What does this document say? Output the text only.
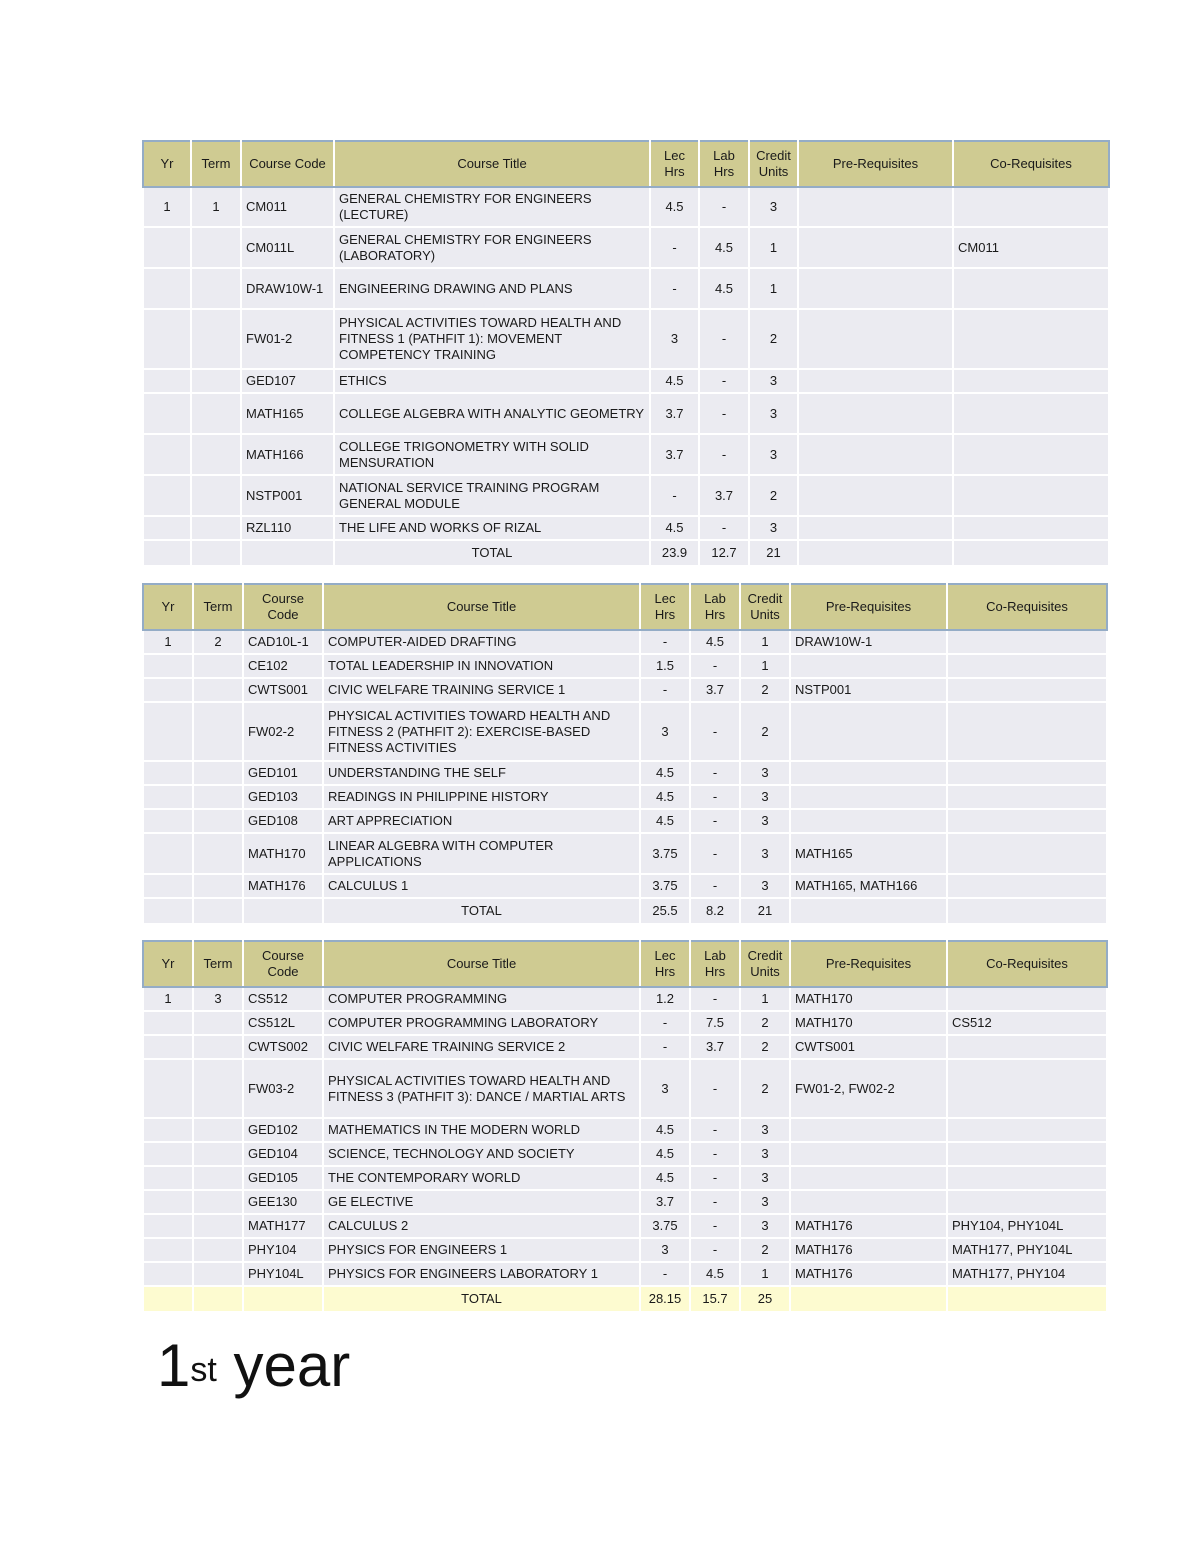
Yr	Term	Course Code	Course Title	Lec Hrs	Lab Hrs	Credit Units	Pre-Requisites	Co-Requisites
1	1	CM011	GENERAL CHEMISTRY FOR ENGINEERS (LECTURE)	4.5	-	3		
		CM011L	GENERAL CHEMISTRY FOR ENGINEERS (LABORATORY)	-	4.5	1		CM011
		DRAW10W-1	ENGINEERING DRAWING AND PLANS	-	4.5	1		
		FW01-2	PHYSICAL ACTIVITIES TOWARD HEALTH AND FITNESS 1 (PATHFIT 1): MOVEMENT COMPETENCY TRAINING	3	-	2		
		GED107	ETHICS	4.5	-	3		
		MATH165	COLLEGE ALGEBRA WITH ANALYTIC GEOMETRY	3.7	-	3		
		MATH166	COLLEGE TRIGONOMETRY WITH SOLID MENSURATION	3.7	-	3		
		NSTP001	NATIONAL SERVICE TRAINING PROGRAM GENERAL MODULE	-	3.7	2		
		RZL110	THE LIFE AND WORKS OF RIZAL	4.5	-	3		
			TOTAL	23.9	12.7	21		
Yr	Term	Course Code	Course Title	Lec Hrs	Lab Hrs	Credit Units	Pre-Requisites	Co-Requisites
1	2	CAD10L-1	COMPUTER-AIDED DRAFTING	-	4.5	1	DRAW10W-1	
		CE102	TOTAL LEADERSHIP IN INNOVATION	1.5	-	1		
		CWTS001	CIVIC WELFARE TRAINING SERVICE 1	-	3.7	2	NSTP001	
		FW02-2	PHYSICAL ACTIVITIES TOWARD HEALTH AND FITNESS 2 (PATHFIT 2): EXERCISE-BASED FITNESS ACTIVITIES	3	-	2		
		GED101	UNDERSTANDING THE SELF	4.5	-	3		
		GED103	READINGS IN PHILIPPINE HISTORY	4.5	-	3		
		GED108	ART APPRECIATION	4.5	-	3		
		MATH170	LINEAR ALGEBRA WITH COMPUTER APPLICATIONS	3.75	-	3	MATH165	
		MATH176	CALCULUS 1	3.75	-	3	MATH165, MATH166	
			TOTAL	25.5	8.2	21		
Yr	Term	Course Code	Course Title	Lec Hrs	Lab Hrs	Credit Units	Pre-Requisites	Co-Requisites
1	3	CS512	COMPUTER PROGRAMMING	1.2	-	1	MATH170	
		CS512L	COMPUTER PROGRAMMING LABORATORY	-	7.5	2	MATH170	CS512
		CWTS002	CIVIC WELFARE TRAINING SERVICE 2	-	3.7	2	CWTS001	
		FW03-2	PHYSICAL ACTIVITIES TOWARD HEALTH AND FITNESS 3 (PATHFIT 3): DANCE / MARTIAL ARTS	3	-	2	FW01-2, FW02-2	
		GED102	MATHEMATICS IN THE MODERN WORLD	4.5	-	3		
		GED104	SCIENCE, TECHNOLOGY AND SOCIETY	4.5	-	3		
		GED105	THE CONTEMPORARY WORLD	4.5	-	3		
		GEE130	GE ELECTIVE	3.7	-	3		
		MATH177	CALCULUS 2	3.75	-	3	MATH176	PHY104, PHY104L
		PHY104	PHYSICS FOR ENGINEERS 1	3	-	2	MATH176	MATH177, PHY104L
		PHY104L	PHYSICS FOR ENGINEERS LABORATORY 1	-	4.5	1	MATH176	MATH177, PHY104
			TOTAL	28.15	15.7	25		
1st year
